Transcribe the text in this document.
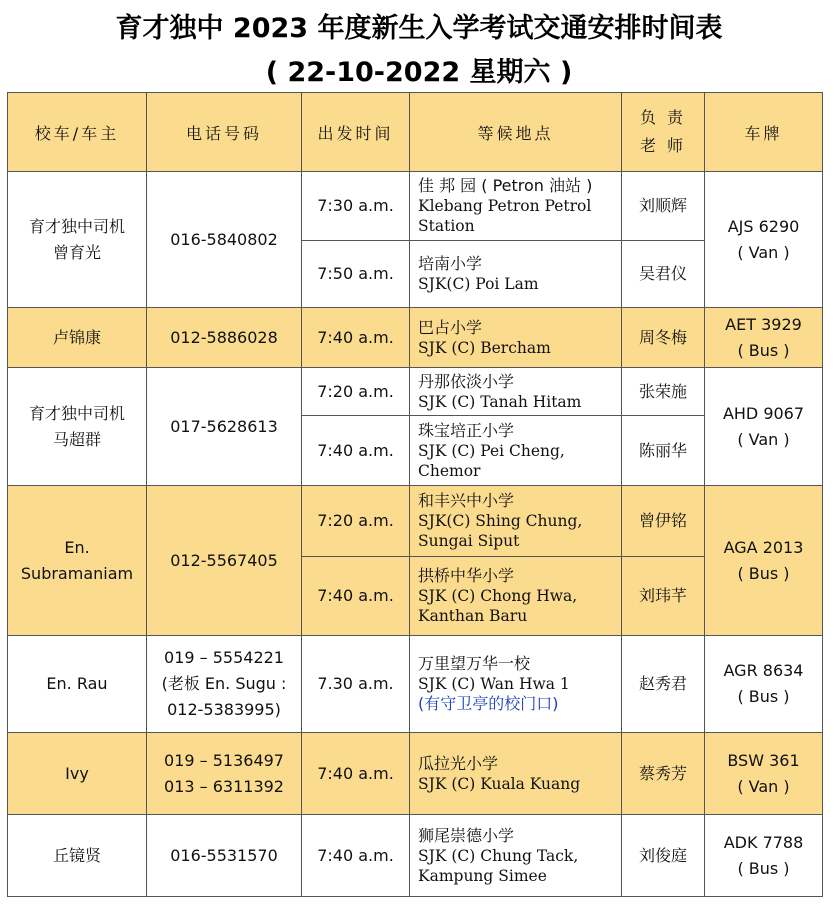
育才独中 2023 年度新生入学考试交通安排时间表
( 22-10-2022 星期六 )
校车/车主	电话号码	出发时间	等候地点	负 责
老 师	车牌

育才独中司机
曾育光	016-5840802	7:30 a.m.	佳 邦 园 ( Petron 油站 )
Klebang Petron Petrol
Station	刘顺辉	AJS 6290
( Van )

		7:50 a.m.	培南小学
SJK(C) Poi Lam	吴君仪	

卢锦康	012-5886028	7:40 a.m.	巴占小学
SJK (C) Bercham	周冬梅	AET 3929
( Bus )

育才独中司机
马超群	017-5628613	7:20 a.m.	丹那依淡小学
SJK (C) Tanah Hitam	张荣施	AHD 9067
( Van )

		7:40 a.m.	珠宝培正小学
SJK (C) Pei Cheng,
Chemor	陈丽华	

En.
Subramaniam	012-5567405	7:20 a.m.	和丰兴中小学
SJK(C) Shing Chung,
Sungai Siput	曾伊铭	AGA 2013
( Bus )

		7:40 a.m.	拱桥中华小学
SJK (C) Chong Hwa,
Kanthan Baru	刘玮芊	

En. Rau	019 – 5554221
(老板 En. Sugu :
012-5383995)	7.30 a.m.	万里望万华一校
SJK (C) Wan Hwa 1
(有守卫亭的校门口)	赵秀君	AGR 8634
( Bus )

Ivy	019 – 5136497
013 – 6311392	7:40 a.m.	瓜拉光小学
SJK (C) Kuala Kuang	蔡秀芳	BSW 361
( Van )

丘镜贤	016-5531570	7:40 a.m.	狮尾崇德小学
SJK (C) Chung Tack,
Kampung Simee	刘俊庭	ADK 7788
( Bus )
